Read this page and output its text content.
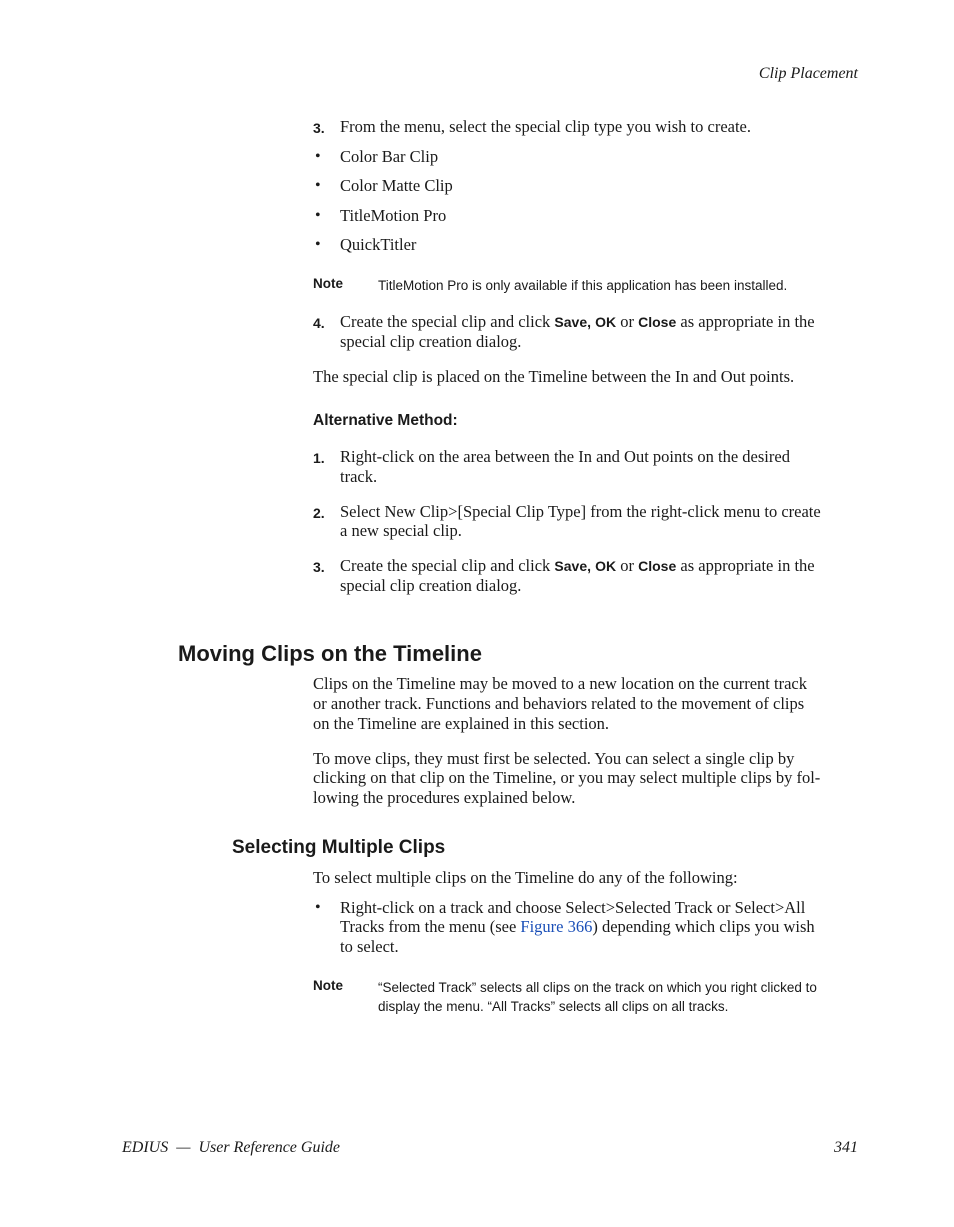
Clip Placement
3. From the menu, select the special clip type you wish to create.
• Color Bar Clip
• Color Matte Clip
• TitleMotion Pro
• QuickTitler
Note	TitleMotion Pro is only available if this application has been installed.
4. Create the special clip and click Save, OK or Close as appropriate in the
special clip creation dialog.
The special clip is placed on the Timeline between the In and Out points.
Alternative Method:
1. Right-click on the area between the In and Out points on the desired
track.
2. Select New Clip>[Special Clip Type] from the right-click menu to create
a new special clip.
3. Create the special clip and click Save, OK or Close as appropriate in the
special clip creation dialog.
Moving Clips on the Timeline
Clips on the Timeline may be moved to a new location on the current track
or another track. Functions and behaviors related to the movement of clips
on the Timeline are explained in this section.
To move clips, they must first be selected. You can select a single clip by
clicking on that clip on the Timeline, or you may select multiple clips by fol-
lowing the procedures explained below.
Selecting Multiple Clips
To select multiple clips on the Timeline do any of the following:
• Right-click on a track and choose Select>Selected Track or Select>All
Tracks from the menu (see Figure 366) depending which clips you wish
to select.
Note	“Selected Track” selects all clips on the track on which you right clicked to
display the menu. “All Tracks” selects all clips on all tracks.
EDIUS  —  User Reference Guide	341
